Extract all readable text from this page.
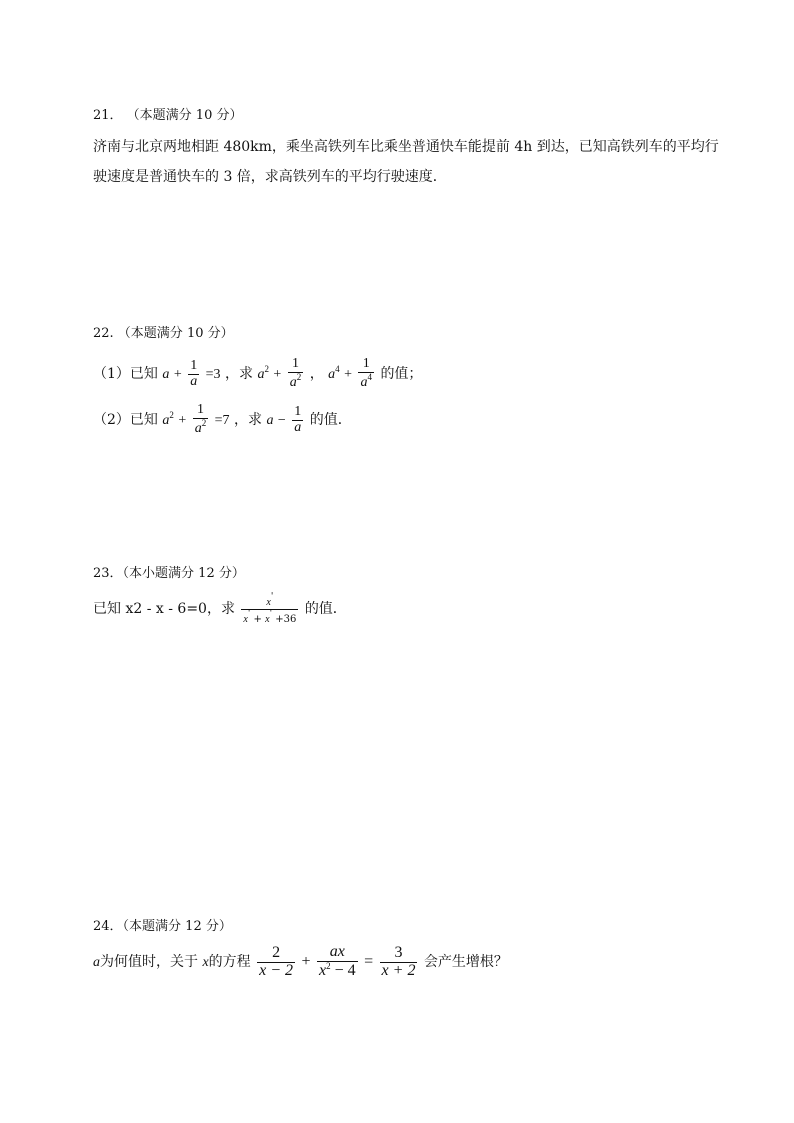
21． （本题满分 10 分）
济南与北京两地相距 480km，乘坐高铁列车比乘坐普通快车能提前 4h 到达，已知高铁列车的平均行
驶速度是普通快车的 3 倍，求高铁列车的平均行驶速度．
22. （本题满分 10 分）
（1）已知 $a + \frac{1}{a} =3$ ，求 $a^2 + \frac{1}{a^2}$ ， $a^4 + \frac{1}{a^4}$ 的值；
（2）已知 $a^2 + \frac{1}{a^2} =7$ ，求 $a - \frac{1}{a}$ 的值．
23．（本小题满分 12 分）
已知 x2 - x - 6=0，求 $\frac{x'}{x' + x' +36}$ 的值．
24．（本题满分 12 分）
a为何值时，关于 x的方程 $\frac{2}{x - 2} + \frac{ax}{x^2 - 4} = \frac{3}{x + 2}$ 会产生增根？
